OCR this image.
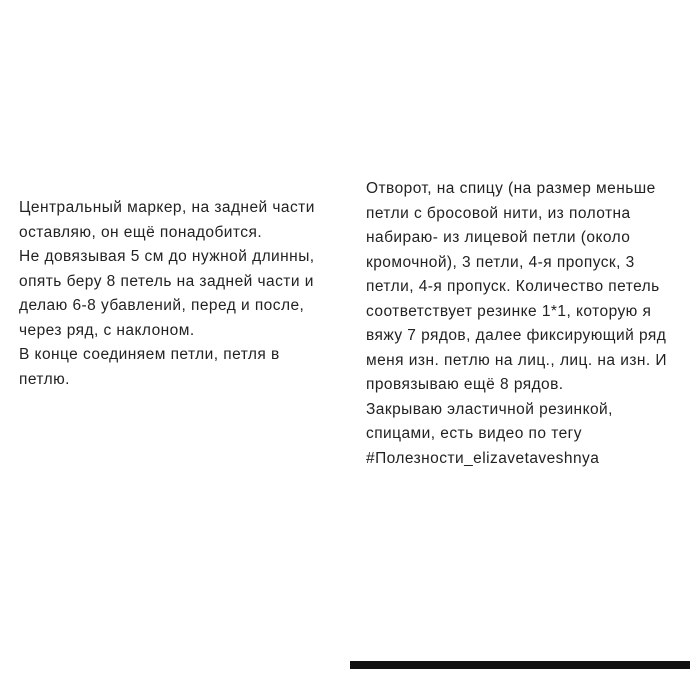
Центральный маркер, на задней части
оставляю, он ещё понадобится.
Не довязывая 5 см до нужной длинны,
опять беру 8 петель на задней части и
делаю 6-8 убавлений, перед и после,
через ряд, с наклоном.
В конце соединяем петли, петля в
петлю.
Отворот, на спицу (на размер меньше
петли с бросовой нити, из полотна
набираю- из лицевой петли (около
кромочной), 3 петли, 4-я пропуск, 3
петли, 4-я пропуск. Количество петель
соответствует резинке 1*1, которую я
вяжу 7 рядов, далее фиксирующий ряд
меня изн. петлю на лиц., лиц. на изн. И
провязываю ещё 8 рядов.
Закрываю эластичной резинкой,
спицами, есть видео по тегу
#Полезности_elizavetaveshnya
